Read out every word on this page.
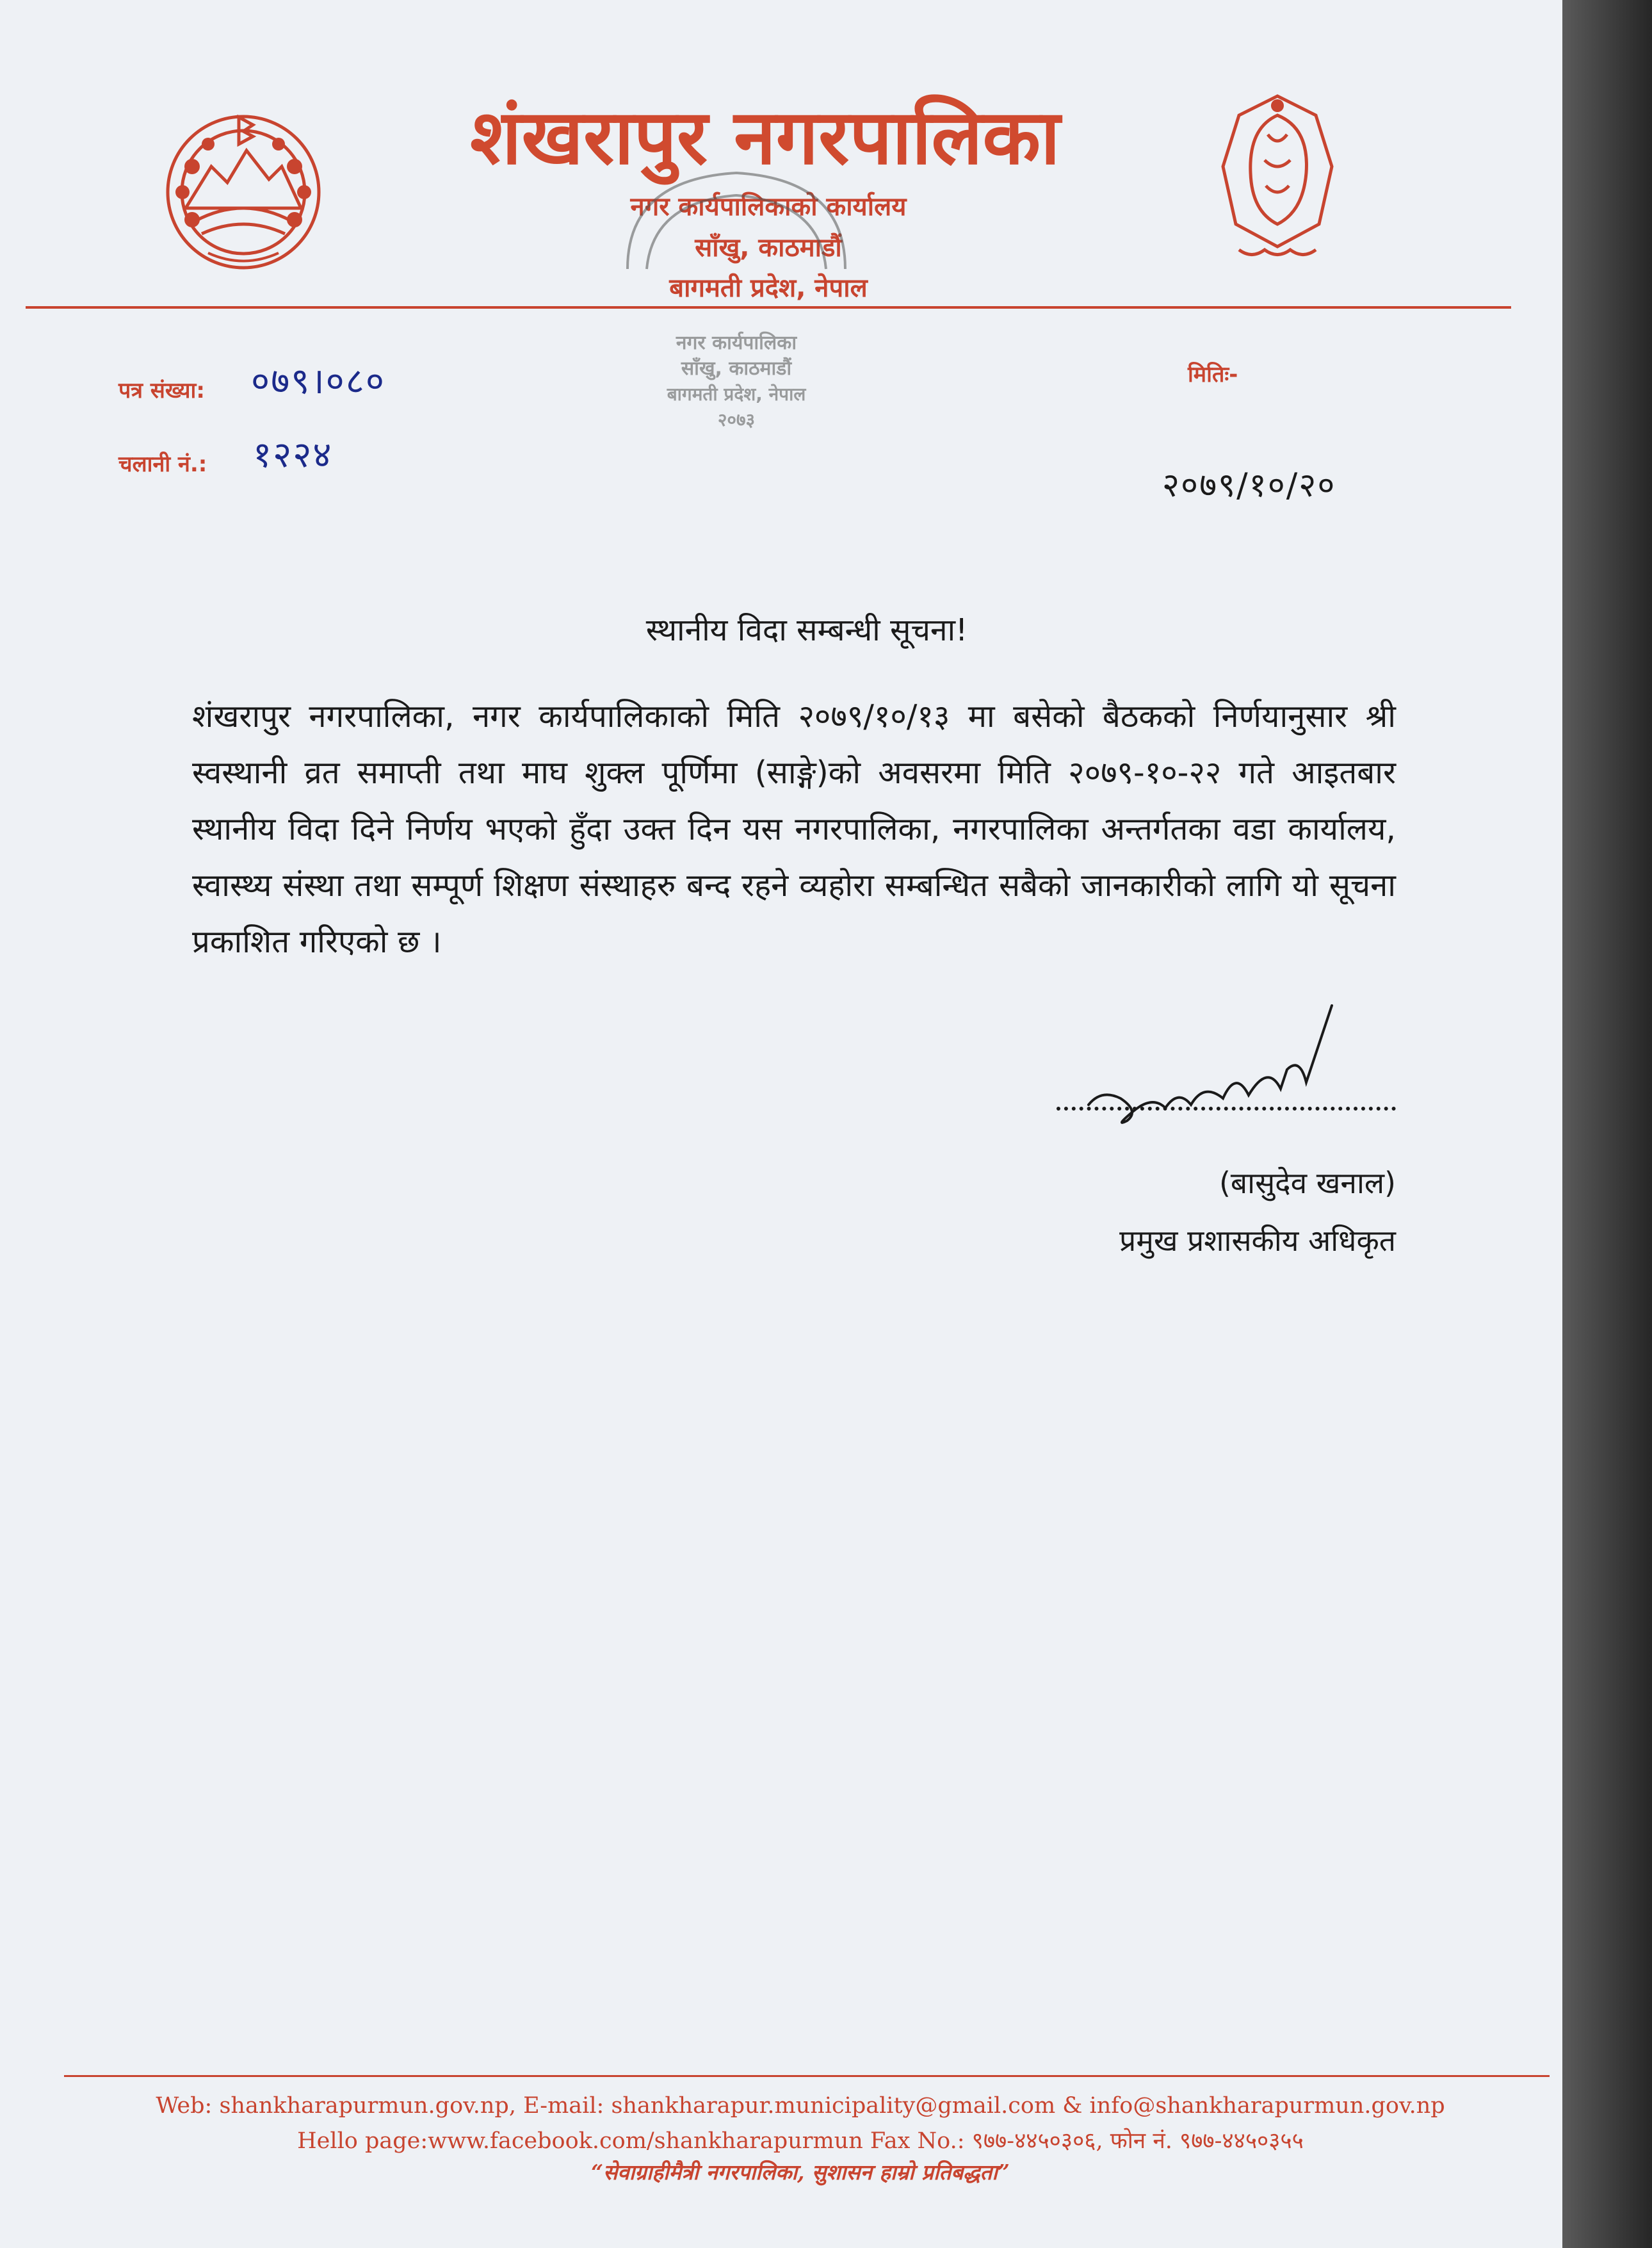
शंखरापुर नगरपालिका
नगर कार्यपालिकाको कार्यालय
साँखु, काठमाडौं
बागमती प्रदेश, नेपाल
नगर कार्यपालिका
साँखु, काठमाडौं
बागमती प्रदेश, नेपाल
२०७३
पत्र संख्या: ०७९।०८०
चलानी नं.: १२२४
मितिः-
२०७९/१०/२०
स्थानीय विदा सम्बन्धी सूचना!
शंखरापुर नगरपालिका, नगर कार्यपालिकाको मिति २०७९/१०/१३ मा बसेको बैठकको निर्णयानुसार श्री स्वस्थानी व्रत समाप्ती तथा माघ शुक्ल पूर्णिमा (साङ्गे)को अवसरमा मिति २०७९-१०-२२ गते आइतबार स्थानीय विदा दिने निर्णय भएको हुँदा उक्त दिन यस नगरपालिका, नगरपालिका अन्तर्गतका वडा कार्यालय, स्वास्थ्य संस्था तथा सम्पूर्ण शिक्षण संस्थाहरु बन्द रहने व्यहोरा सम्बन्धित सबैको जानकारीको लागि यो सूचना प्रकाशित गरिएको छ ।
(बासुदेव खनाल)
प्रमुख प्रशासकीय अधिकृत
Web: shankharapurmun.gov.np, E-mail: shankharapur.municipality@gmail.com & info@shankharapurmun.gov.np
Hello page:www.facebook.com/shankharapurmun Fax No.: ९७७-४४५०३०६, फोन नं. ९७७-४४५०३५५
“सेवाग्राहीमैत्री नगरपालिका, सुशासन हाम्रो प्रतिबद्धता”
